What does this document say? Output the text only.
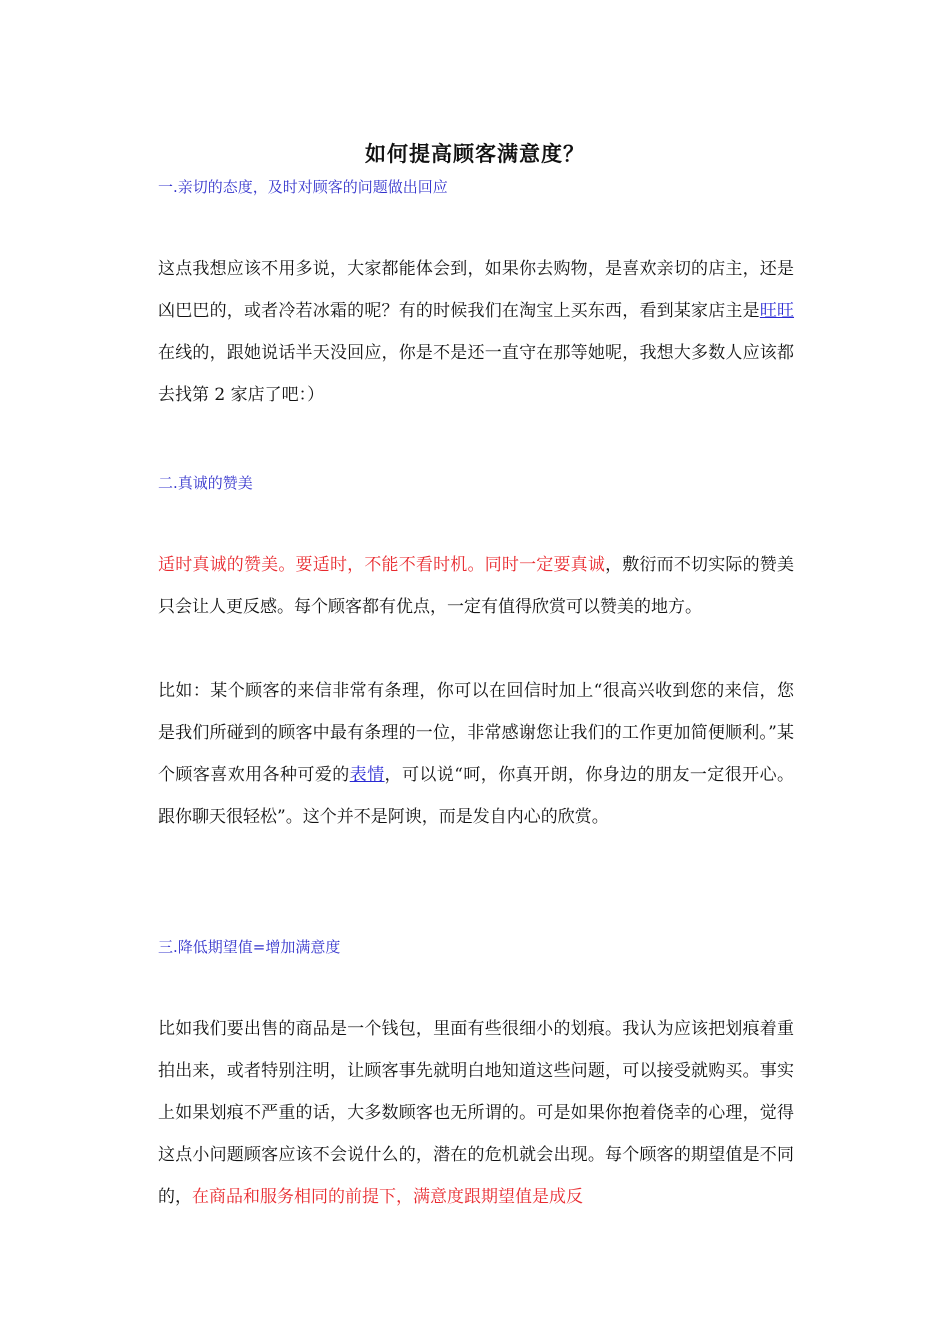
如何提高顾客满意度？
一.亲切的态度，及时对顾客的问题做出回应
这点我想应该不用多说，大家都能体会到，如果你去购物，是喜欢亲切的店主，还是凶巴巴的，或者冷若冰霜的呢？有的时候我们在淘宝上买东西，看到某家店主是旺旺在线的，跟她说话半天没回应，你是不是还一直守在那等她呢，我想大多数人应该都去找第 2 家店了吧：）
二.真诚的赞美
适时真诚的赞美。要适时，不能不看时机。同时一定要真诚，敷衍而不切实际的赞美只会让人更反感。每个顾客都有优点，一定有值得欣赏可以赞美的地方。
比如：某个顾客的来信非常有条理，你可以在回信时加上“很高兴收到您的来信，您是我们所碰到的顾客中最有条理的一位，非常感谢您让我们的工作更加简便顺利。”某个顾客喜欢用各种可爱的表情，可以说“呵，你真开朗，你身边的朋友一定很开心。跟你聊天很轻松”。这个并不是阿谀，而是发自内心的欣赏。
三.降低期望值=增加满意度
比如我们要出售的商品是一个钱包，里面有些很细小的划痕。我认为应该把划痕着重拍出来，或者特别注明，让顾客事先就明白地知道这些问题，可以接受就购买。事实上如果划痕不严重的话，大多数顾客也无所谓的。可是如果你抱着侥幸的心理，觉得这点小问题顾客应该不会说什么的，潜在的危机就会出现。每个顾客的期望值是不同的，在商品和服务相同的前提下，满意度跟期望值是成反
